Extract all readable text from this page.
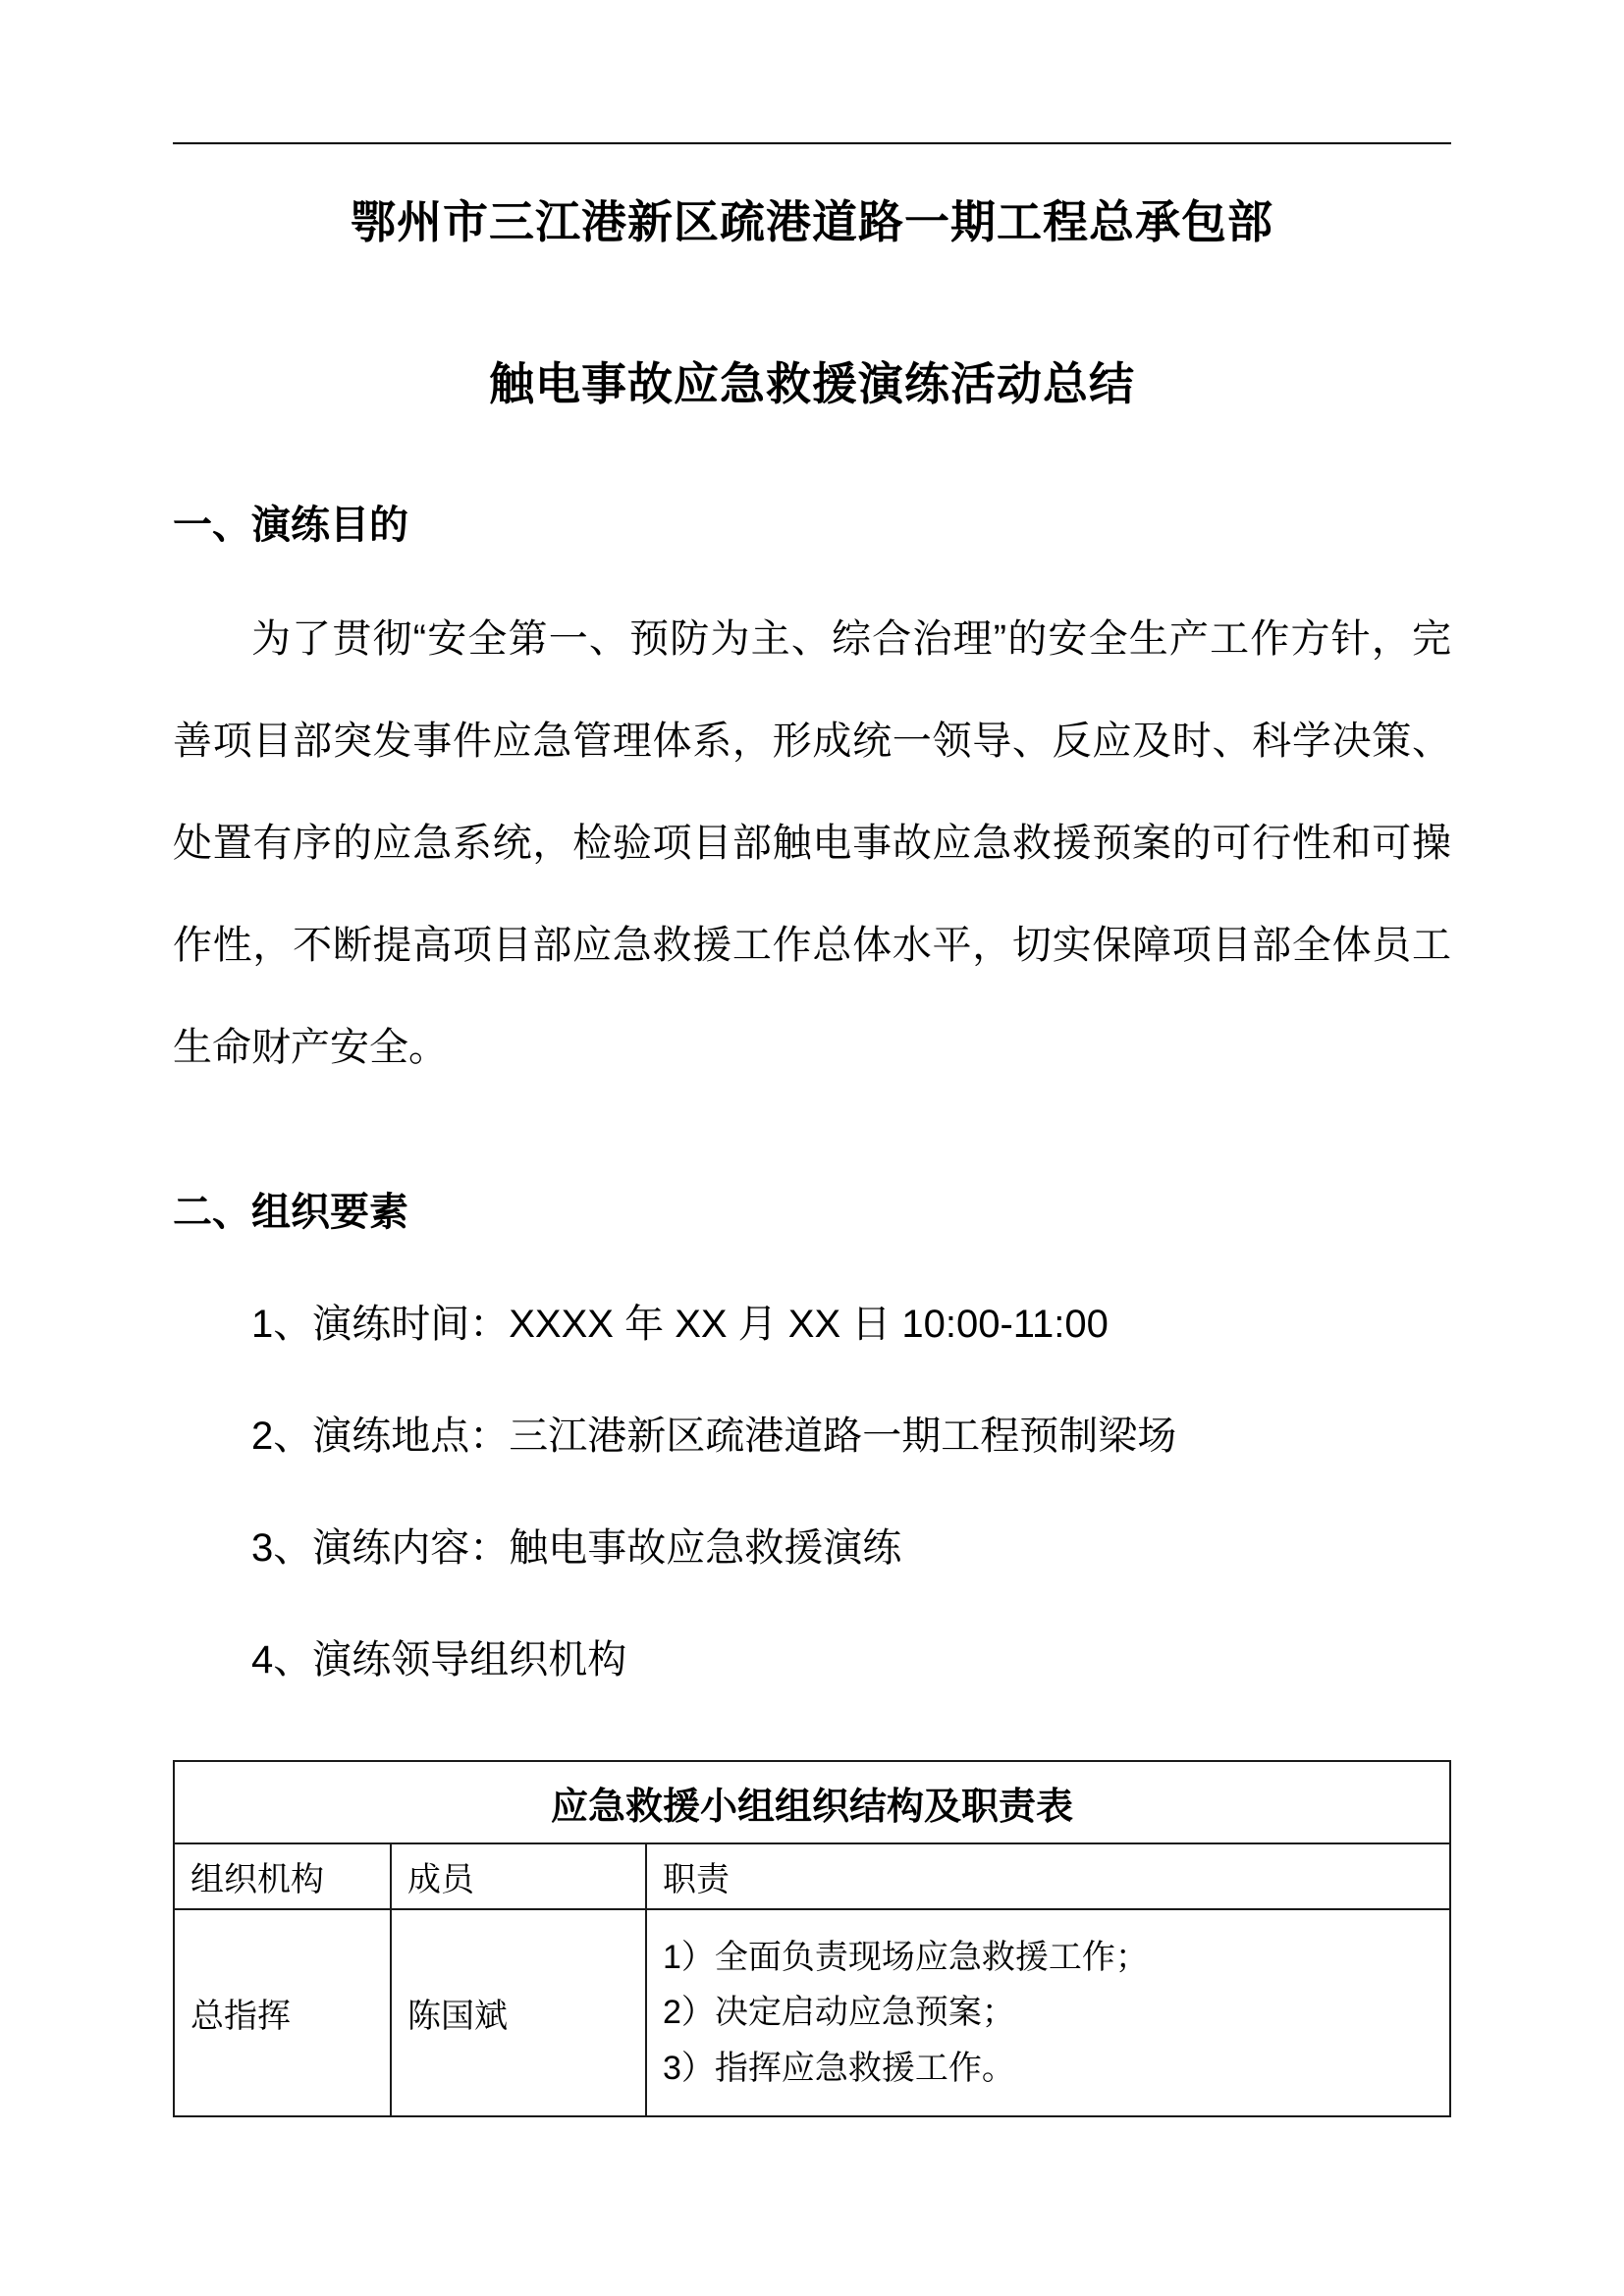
鄂州市三江港新区疏港道路一期工程总承包部
触电事故应急救援演练活动总结
一、演练目的

为了贯彻“安全第一、预防为主、综合治理”的安全生产工作方针，完善项目部突发事件应急管理体系，形成统一领导、反应及时、科学决策、处置有序的应急系统，检验项目部触电事故应急救援预案的可行性和可操作性，不断提高项目部应急救援工作总体水平，切实保障项目部全体员工生命财产安全。

二、组织要素
1、演练时间：XXXX 年 XX 月 XX 日 10:00-11:00
2、演练地点：三江港新区疏港道路一期工程预制梁场
3、演练内容：触电事故应急救援演练
4、演练领导组织机构
应急救援小组组织结构及职责表		
组织机构	成员	职责
总指挥	陈国斌	1）全面负责现场应急救援工作；
2）决定启动应急预案；
3）指挥应急救援工作。
